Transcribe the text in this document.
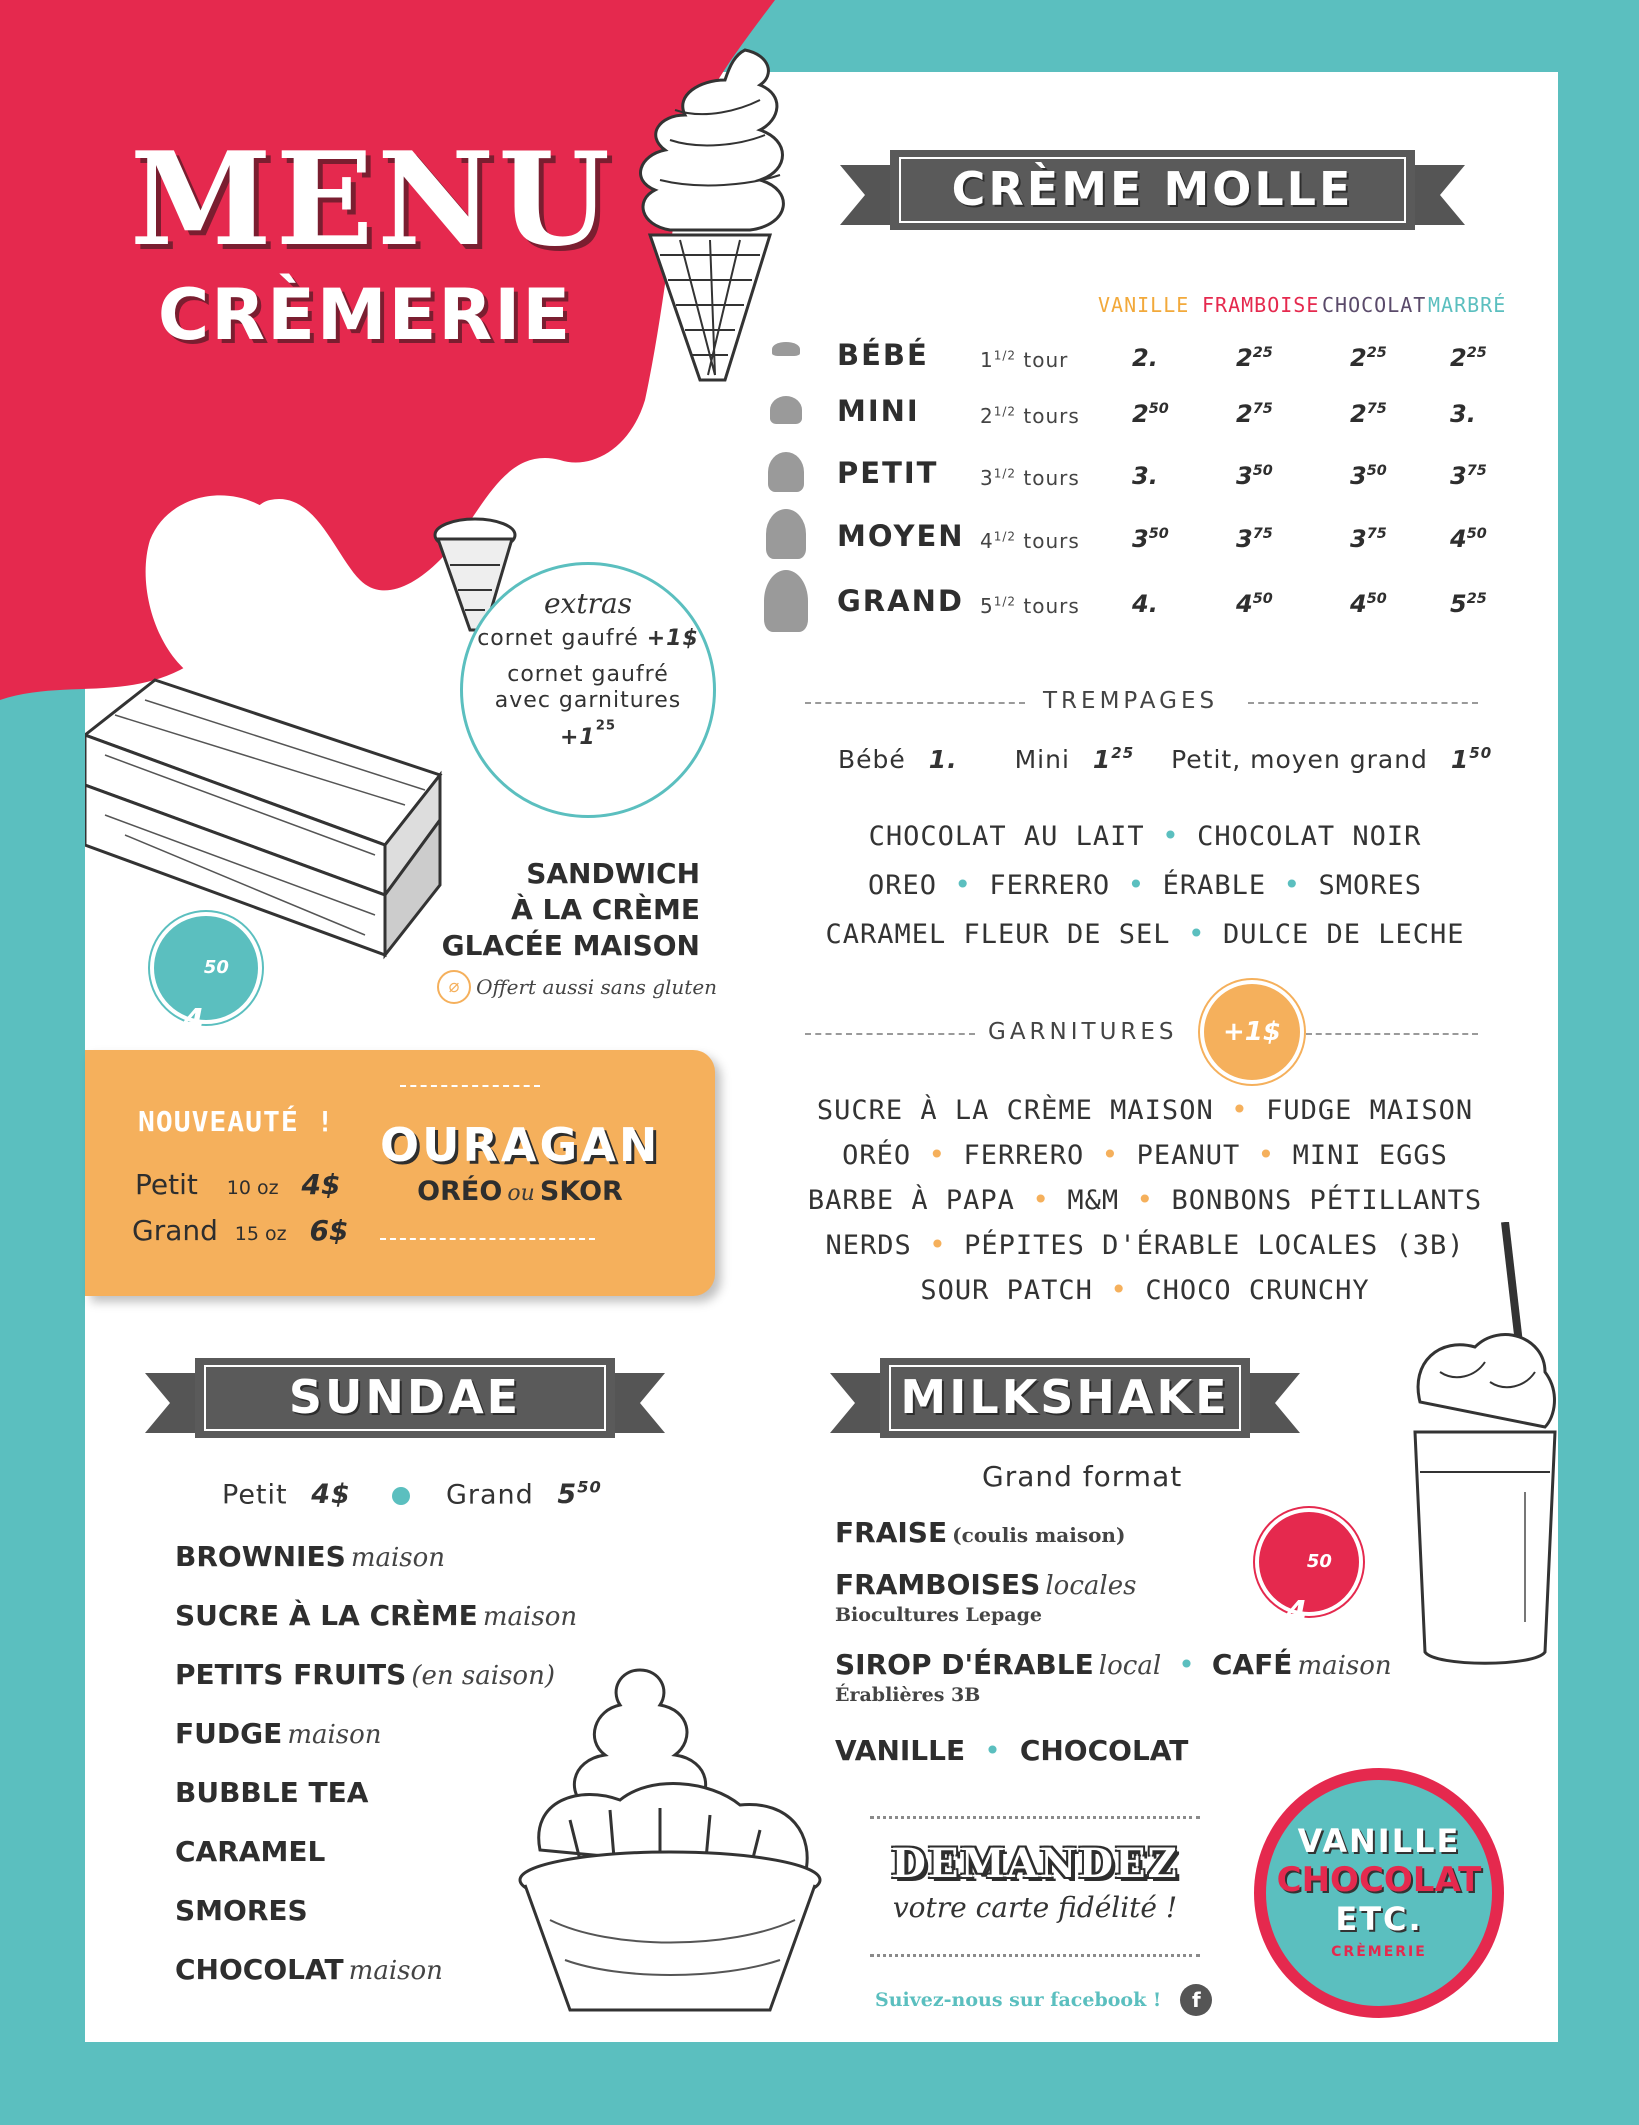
MENU
CRÈMERIE
extras
cornet gaufré +1$
cornet gaufré
avec garnitures
$+1^{25}$
$4^{50}$
SANDWICH
À LA CRÈME
GLACÉE MAISON
⌀ Offert aussi sans gluten
NOUVEAUTÉ !
Petit 10 oz 4$
Grand 15 oz 6$
OURAGAN
ORÉO ou SKOR
CRÈME MOLLE
VANILLE FRAMBOISE CHOCOLAT MARBRÉ
BÉBÉ	$1^{1/2}$ tour	2.	$2^{25}$	$2^{25}$	$2^{25}$
MINI	$2^{1/2}$ tours $2^{50}$	$2^{75}$	$2^{75}$	3.
PETIT $3^{1/2}$ tours 3.	$3^{50}$	$3^{50}$	$3^{75}$
MOYEN $4^{1/2}$ tours $3^{50}$	$3^{75}$	$3^{75}$	$4^{50}$
GRAND $5^{1/2}$ tours 4.	$4^{50}$	$4^{50}$	$5^{25}$
TREMPAGES
Bébé 1. Mini $1^{25}$ Petit, moyen grand $1^{50}$
CHOCOLAT AU LAIT • CHOCOLAT NOIR
OREO • FERRERO • ÉRABLE • SMORES
CARAMEL FLEUR DE SEL • DULCE DE LECHE
GARNITURES	+1$
SUCRE À LA CRÈME MAISON • FUDGE MAISON
ORÉO • FERRERO • PEANUT • MINI EGGS
BARBE À PAPA • M&M • BONBONS PÉTILLANTS
NERDS • PÉPITES D'ÉRABLE LOCALES (3B)
SOUR PATCH • CHOCO CRUNCHY
SUNDAE
Petit 4$	Grand $5^{50}$
BROWNIES maison
SUCRE À LA CRÈME maison
PETITS FRUITS (en saison)
FUDGE maison
BUBBLE TEA
CARAMEL
SMORES
CHOCOLAT maison
MILKSHAKE
Grand format
$4^{50}$
FRAISE (coulis maison)
FRAMBOISES locales
Biocultures Lepage
SIROP D'ÉRABLE local • CAFÉ maison
Érablières 3B
VANILLE • CHOCOLAT
DEMANDEZ
votre carte fidélité !
Suivez-nous sur facebook ! f
VANILLE
CHOCOLAT
ETC.
CRÈMERIE
